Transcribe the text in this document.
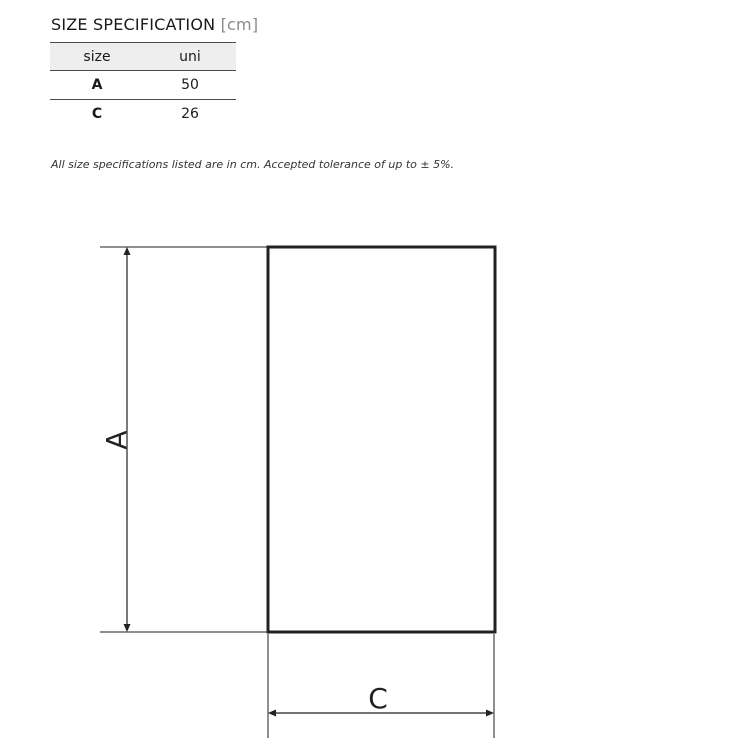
SIZE SPECIFICATION [cm]
size	uni
A	50
C	26
All size specifications listed are in cm. Accepted tolerance of up to ± 5%.
A
C
